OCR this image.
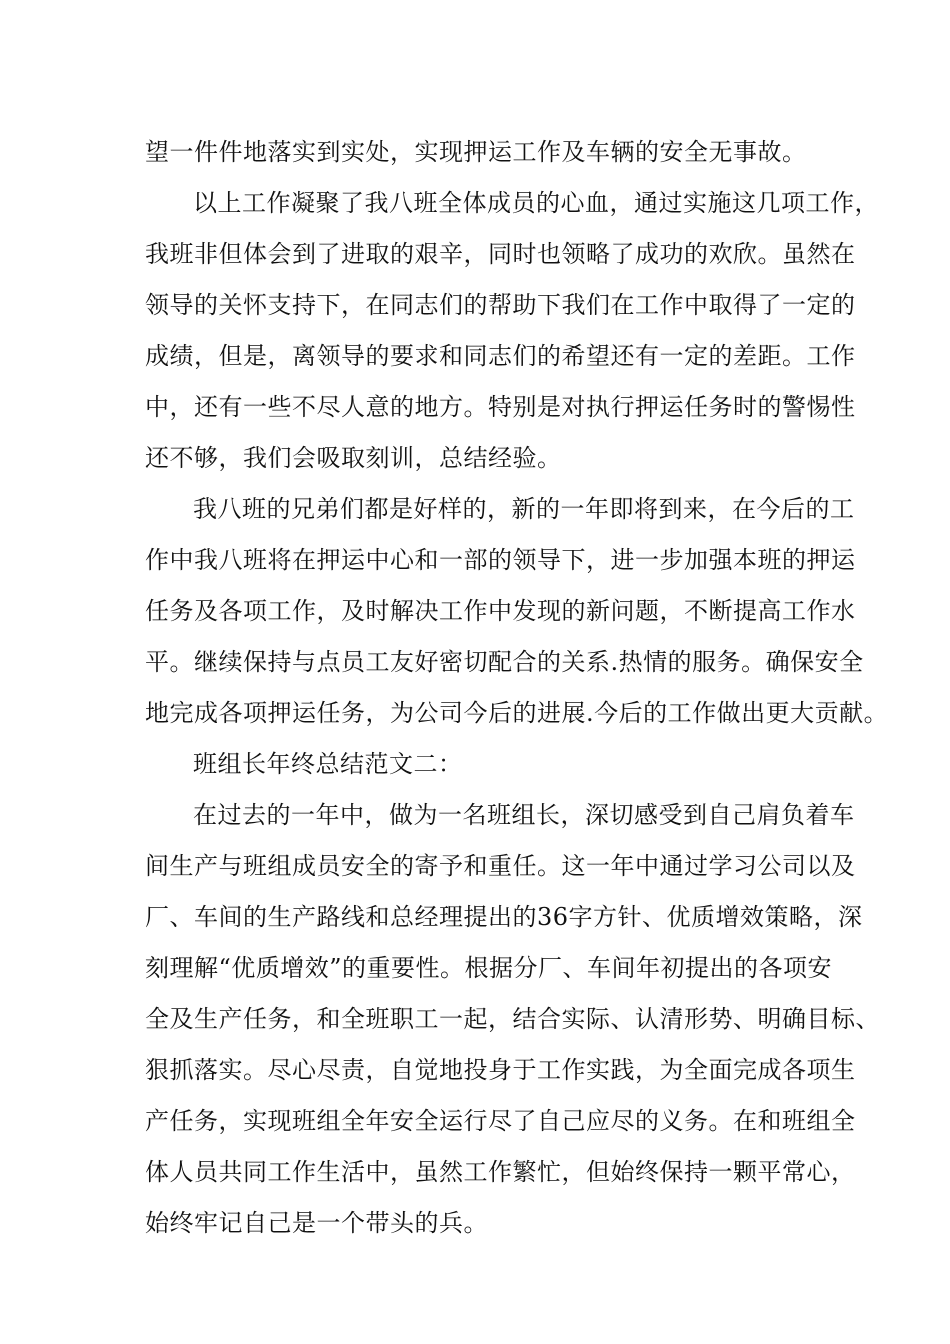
望一件件地落实到实处，实现押运工作及车辆的安全无事故。
以上工作凝聚了我八班全体成员的心血，通过实施这几项工作，
我班非但体会到了进取的艰辛，同时也领略了成功的欢欣。虽然在
领导的关怀支持下，在同志们的帮助下我们在工作中取得了一定的
成绩，但是，离领导的要求和同志们的希望还有一定的差距。工作
中，还有一些不尽人意的地方。特别是对执行押运任务时的警惕性
还不够，我们会吸取刻训，总结经验。
我八班的兄弟们都是好样的，新的一年即将到来，在今后的工
作中我八班将在押运中心和一部的领导下，进一步加强本班的押运
任务及各项工作，及时解决工作中发现的新问题，不断提高工作水
平。继续保持与点员工友好密切配合的关系.热情的服务。确保安全
地完成各项押运任务，为公司今后的进展.今后的工作做出更大贡献。
班组长年终总结范文二：
在过去的一年中，做为一名班组长，深切感受到自己肩负着车
间生产与班组成员安全的寄予和重任。这一年中通过学习公司以及
厂、车间的生产路线和总经理提出的36字方针、优质增效策略，深
刻理解“优质增效”的重要性。根据分厂、车间年初提出的各项安
全及生产任务，和全班职工一起，结合实际、认清形势、明确目标、
狠抓落实。尽心尽责，自觉地投身于工作实践，为全面完成各项生
产任务，实现班组全年安全运行尽了自己应尽的义务。在和班组全
体人员共同工作生活中，虽然工作繁忙，但始终保持一颗平常心，
始终牢记自己是一个带头的兵。
